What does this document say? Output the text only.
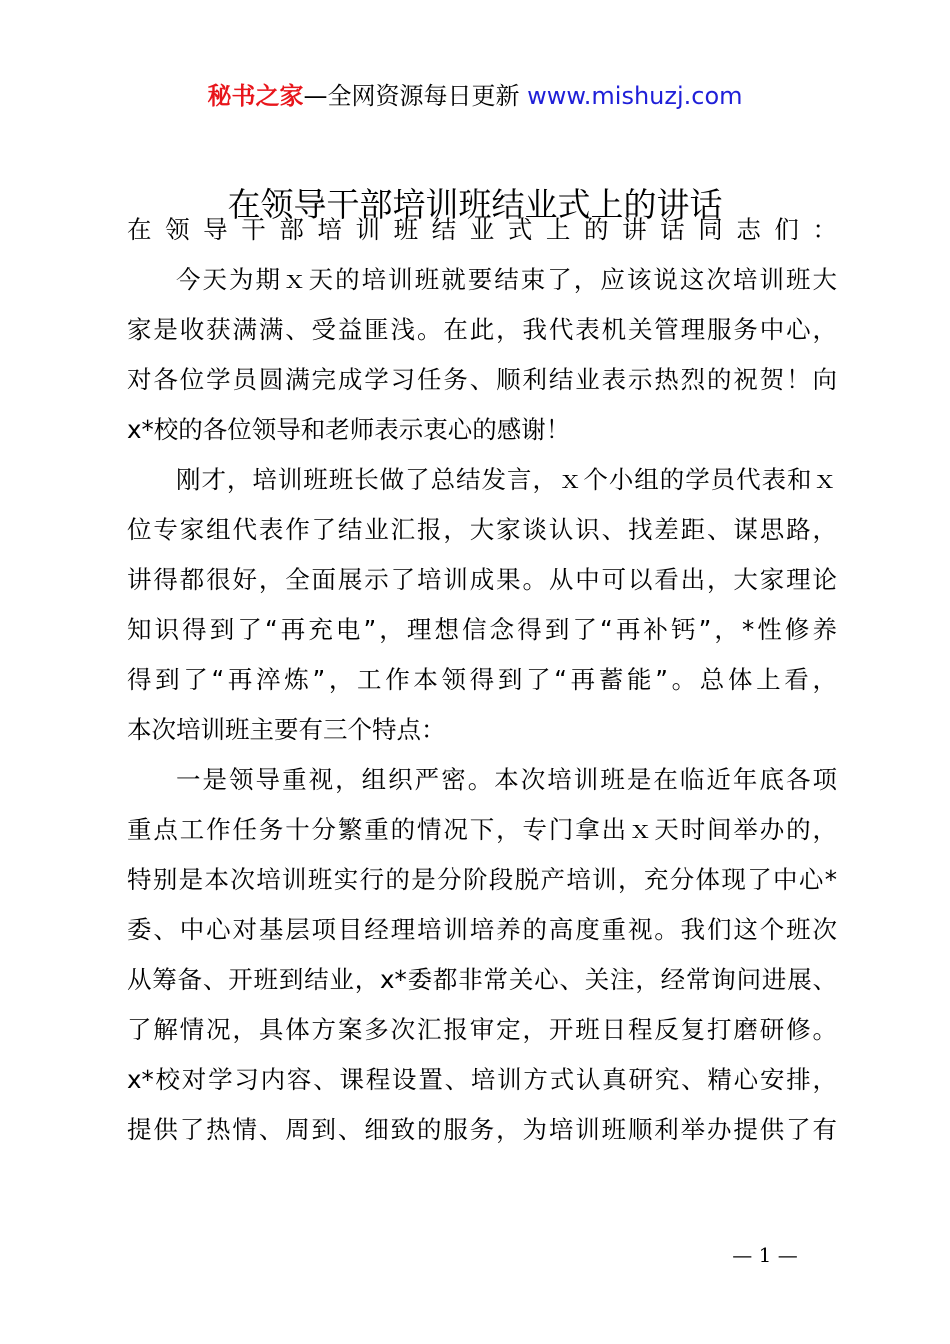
秘书之家—全网资源每日更新 www.mishuzj.com
在领导干部培训班结业式上的讲话
在领导干部培训班结业式上的讲话同志们：
今天为期ｘ天的培训班就要结束了，应该说这次培训班大
家是收获满满、受益匪浅。在此，我代表机关管理服务中心，
对各位学员圆满完成学习任务、顺利结业表示热烈的祝贺！向
x*校的各位领导和老师表示衷心的感谢！
刚才，培训班班长做了总结发言，ｘ个小组的学员代表和ｘ
位专家组代表作了结业汇报，大家谈认识、找差距、谋思路，
讲得都很好，全面展示了培训成果。从中可以看出，大家理论
知识得到了“再充电”，理想信念得到了“再补钙”，*性修养
得到了“再淬炼”，工作本领得到了“再蓄能”。总体上看，
本次培训班主要有三个特点：
一是领导重视，组织严密。本次培训班是在临近年底各项
重点工作任务十分繁重的情况下，专门拿出ｘ天时间举办的，
特别是本次培训班实行的是分阶段脱产培训，充分体现了中心*
委、中心对基层项目经理培训培养的高度重视。我们这个班次
从筹备、开班到结业，x*委都非常关心、关注，经常询问进展、
了解情况，具体方案多次汇报审定，开班日程反复打磨研修。
x*校对学习内容、课程设置、培训方式认真研究、精心安排，
提供了热情、周到、细致的服务，为培训班顺利举办提供了有
— 1 —
